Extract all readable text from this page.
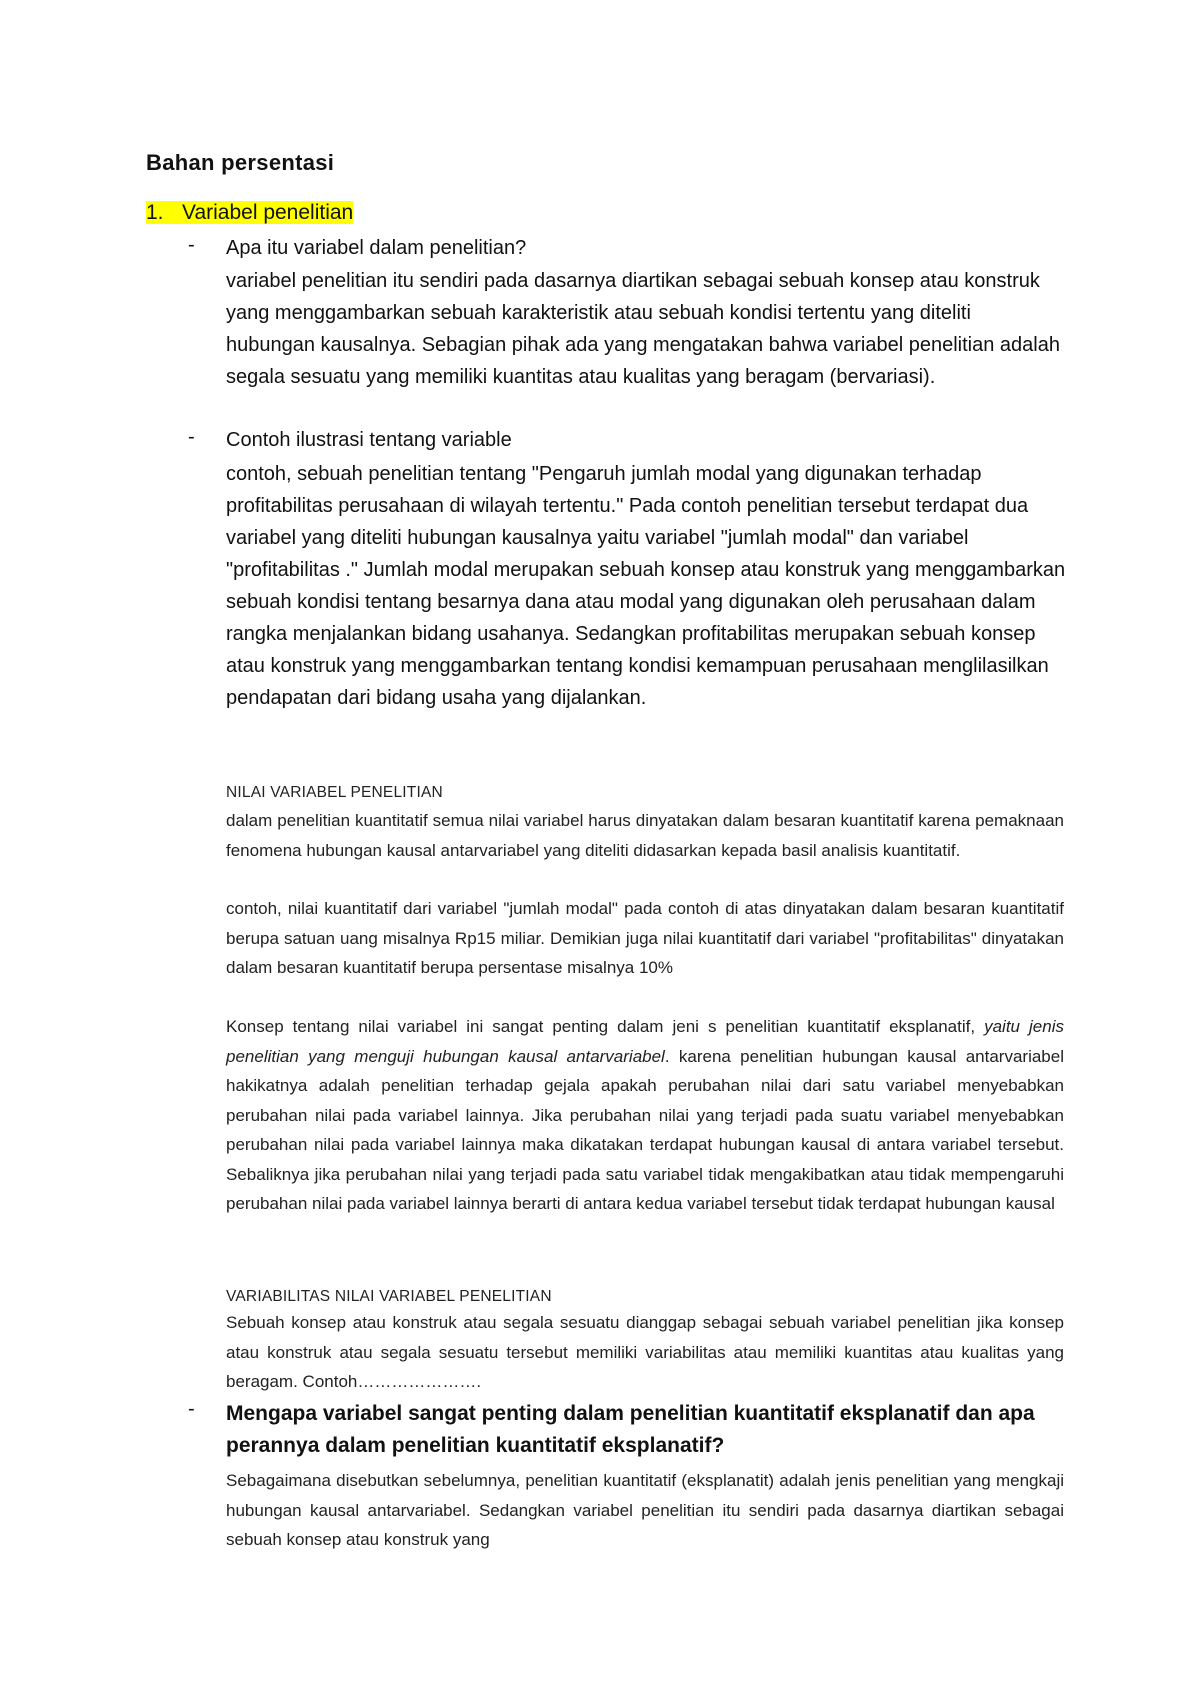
Bahan persentasi

1. Variabel penelitian

- Apa itu variabel dalam penelitian?

variabel penelitian itu sendiri pada dasarnya diartikan sebagai sebuah konsep atau konstruk yang menggambarkan sebuah karakteristik atau sebuah kondisi tertentu yang diteliti hubungan kausalnya. Sebagian pihak ada yang mengatakan bahwa variabel penelitian adalah segala sesuatu yang memiliki kuantitas atau kualitas yang beragam (bervariasi).

- Contoh ilustrasi tentang variable

contoh, sebuah penelitian tentang "Pengaruh jumlah modal yang digunakan terhadap profitabilitas perusahaan di wilayah tertentu." Pada contoh penelitian tersebut terdapat dua variabel yang diteliti hubungan kausalnya yaitu variabel "jumlah modal" dan variabel "profitabilitas ." Jumlah modal merupakan sebuah konsep atau konstruk yang menggambarkan sebuah kondisi tentang besarnya dana atau modal yang digunakan oleh perusahaan dalam rangka menjalankan bidang usahanya. Sedangkan profitabilitas merupakan sebuah konsep atau konstruk yang menggambarkan tentang kondisi kemampuan perusahaan menglilasilkan pendapatan dari bidang usaha yang dijalankan.

NILAI VARIABEL PENELITIAN

dalam penelitian kuantitatif semua nilai variabel harus dinyatakan dalam besaran kuantitatif karena pemaknaan fenomena hubungan kausal antarvariabel yang diteliti didasarkan kepada basil analisis kuantitatif.

contoh, nilai kuantitatif dari variabel "jumlah modal" pada contoh di atas dinyatakan dalam besaran kuantitatif berupa satuan uang misalnya Rp15 miliar. Demikian juga nilai kuantitatif dari variabel "profitabilitas" dinyatakan dalam besaran kuantitatif berupa persentase misalnya 10%

Konsep tentang nilai variabel ini sangat penting dalam jeni s penelitian kuantitatif eksplanatif, yaitu jenis penelitian yang menguji hubungan kausal antarvariabel. karena penelitian hubungan kausal antarvariabel hakikatnya adalah penelitian terhadap gejala apakah perubahan nilai dari satu variabel menyebabkan perubahan nilai pada variabel lainnya. Jika perubahan nilai yang terjadi pada suatu variabel menyebabkan perubahan nilai pada variabel lainnya maka dikatakan terdapat hubungan kausal di antara variabel tersebut. Sebaliknya jika perubahan nilai yang terjadi pada satu variabel tidak mengakibatkan atau tidak mempengaruhi perubahan nilai pada variabel lainnya berarti di antara kedua variabel tersebut tidak terdapat hubungan kausal

VARIABILITAS NILAI VARIABEL PENELITIAN

Sebuah konsep atau konstruk atau segala sesuatu dianggap sebagai sebuah variabel penelitian jika konsep atau konstruk atau segala sesuatu tersebut memiliki variabilitas atau memiliki kuantitas atau kualitas yang beragam. Contoh………………….

- Mengapa variabel sangat penting dalam penelitian kuantitatif eksplanatif dan apa perannya dalam penelitian kuantitatif eksplanatif?

Sebagaimana disebutkan sebelumnya, penelitian kuantitatif (eksplanatit) adalah jenis penelitian yang mengkaji hubungan kausal antarvariabel. Sedangkan variabel penelitian itu sendiri pada dasarnya diartikan sebagai sebuah konsep atau konstruk yang
